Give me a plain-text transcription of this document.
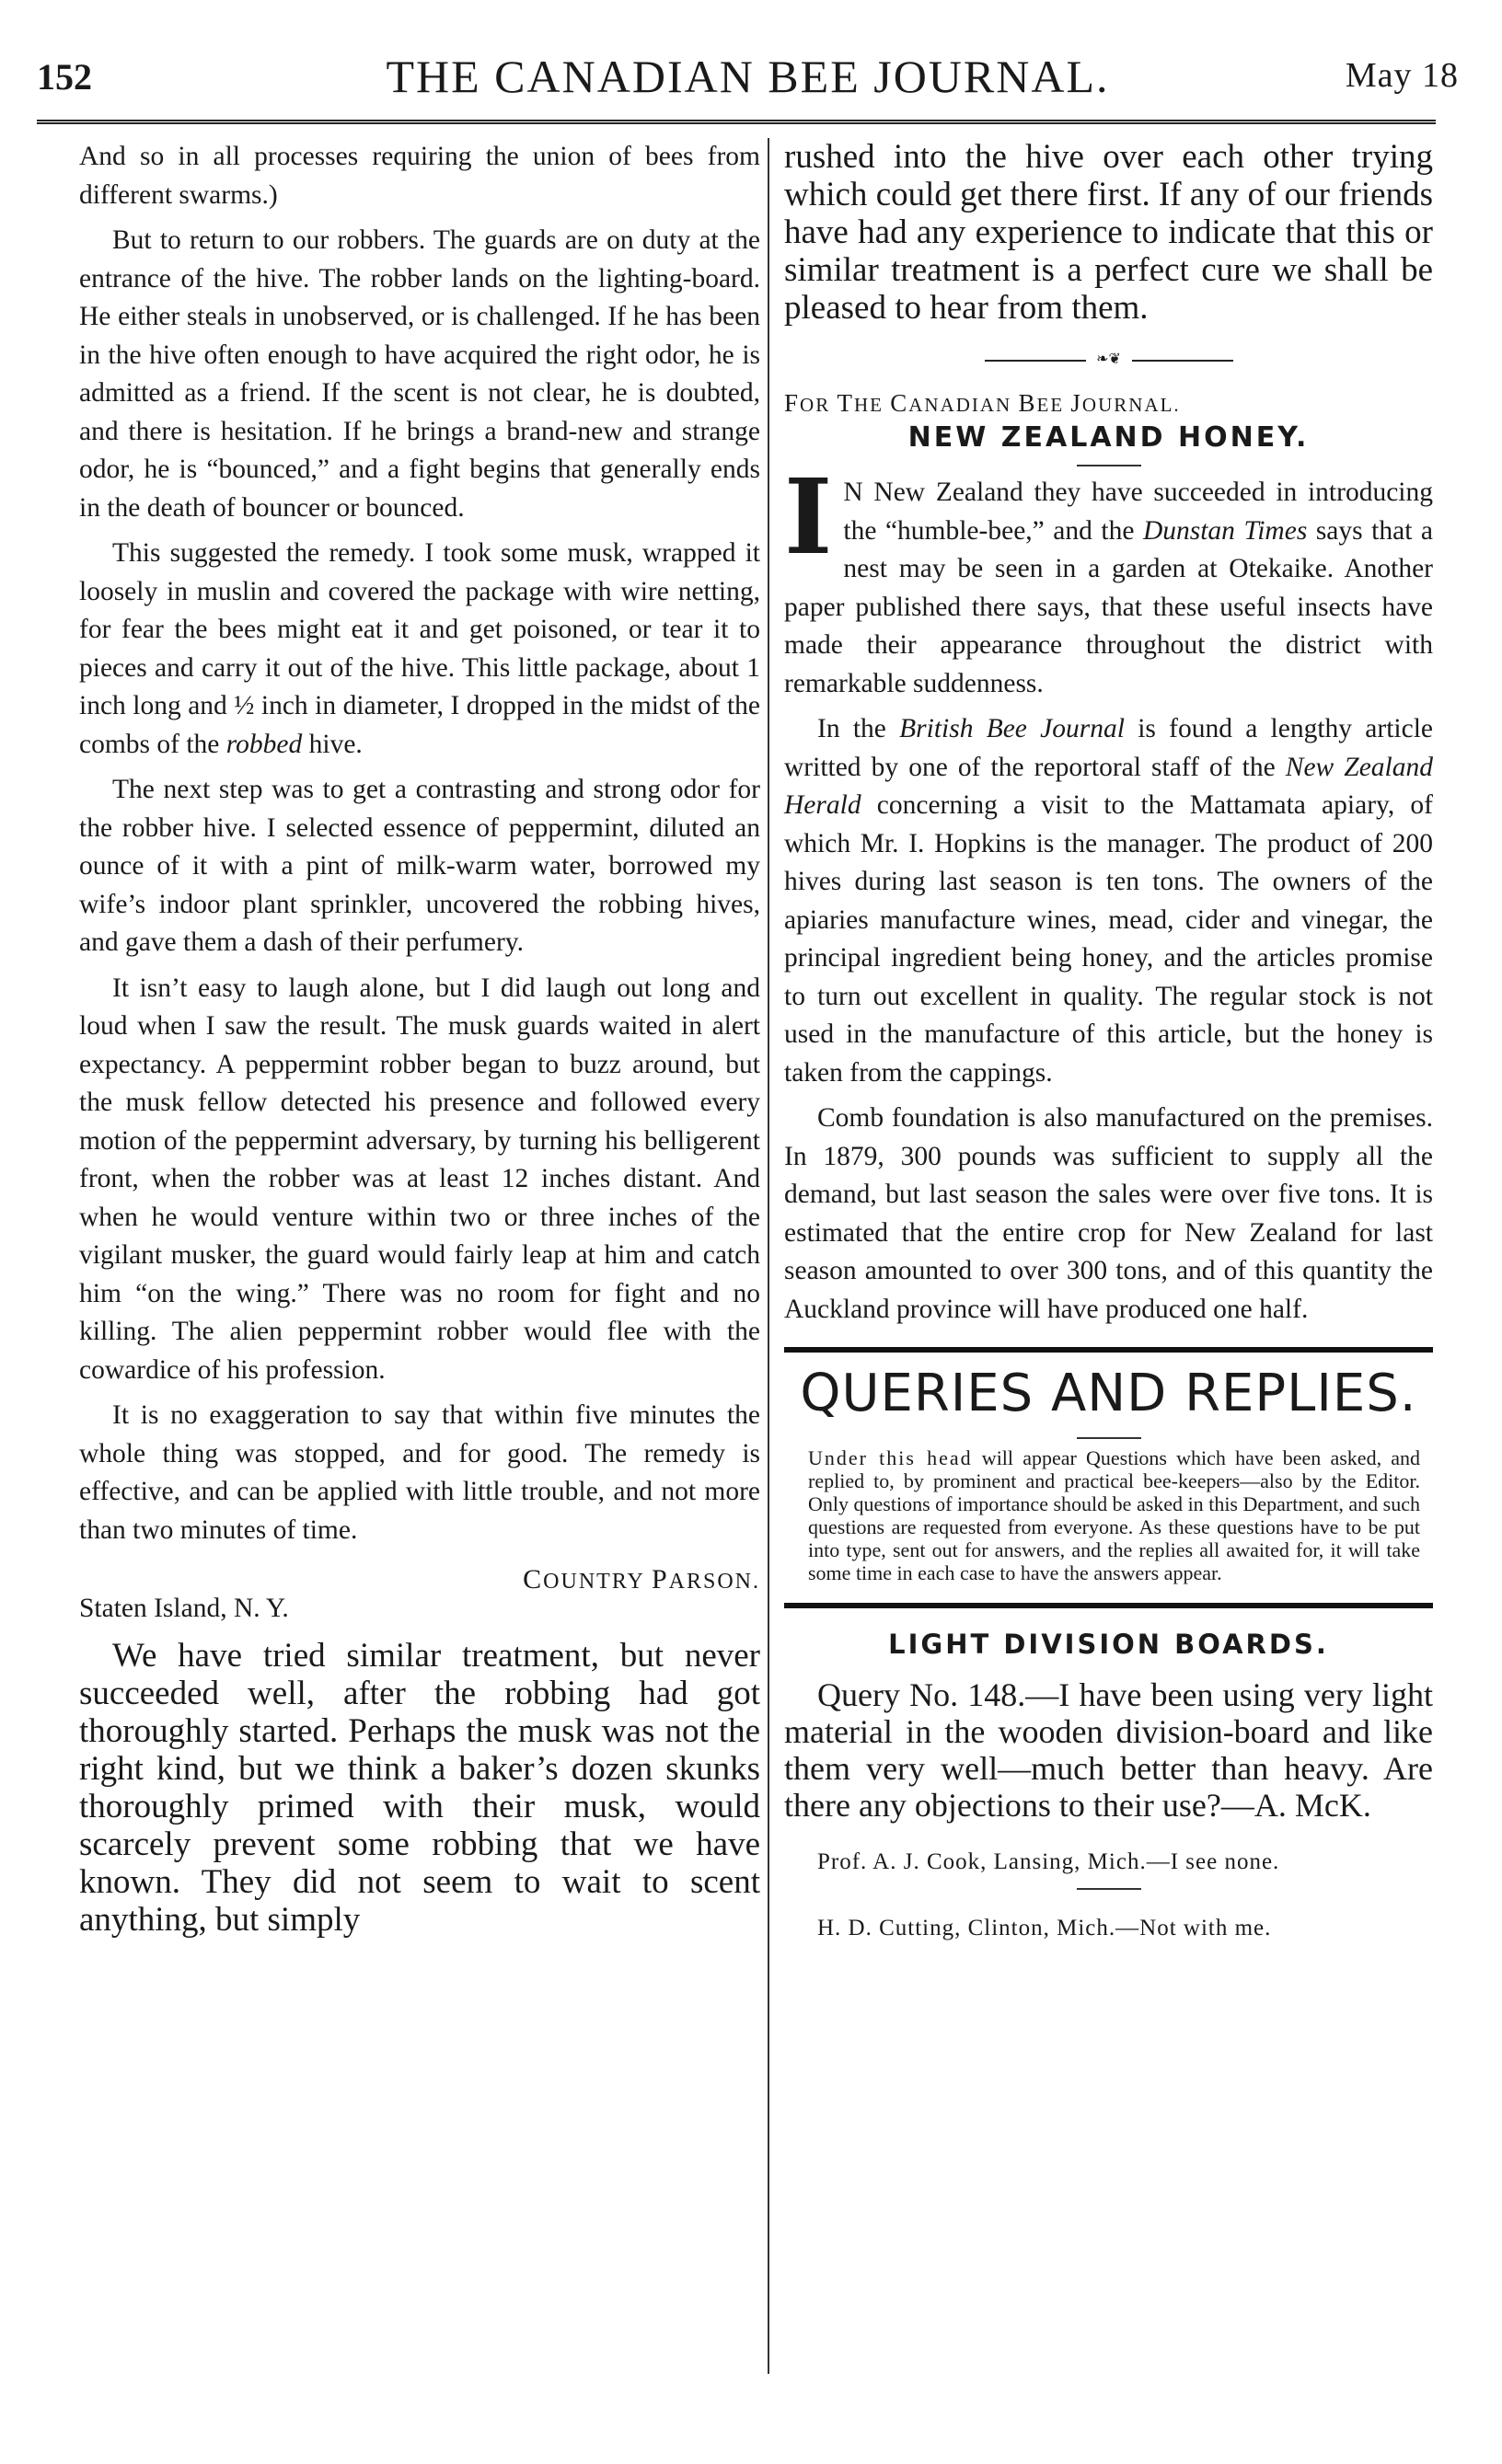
152	THE CANADIAN BEE JOURNAL.	May 18

And so in all processes requiring the union of bees from different swarms.)

But to return to our robbers. The guards are on duty at the entrance of the hive. The robber lands on the lighting-board. He either steals in unobserved, or is challenged. If he has been in the hive often enough to have acquired the right odor, he is admitted as a friend. If the scent is not clear, he is doubted, and there is hesitation. If he brings a brand-new and strange odor, he is “bounced,” and a fight begins that generally ends in the death of bouncer or bounced.

This suggested the remedy. I took some musk, wrapped it loosely in muslin and covered the package with wire netting, for fear the bees might eat it and get poisoned, or tear it to pieces and carry it out of the hive. This little package, about 1 inch long and ½ inch in diameter, I dropped in the midst of the combs of the robbed hive.

The next step was to get a contrasting and strong odor for the robber hive. I selected essence of peppermint, diluted an ounce of it with a pint of milk-warm water, borrowed my wife’s indoor plant sprinkler, uncovered the robbing hives, and gave them a dash of their perfumery.

It isn’t easy to laugh alone, but I did laugh out long and loud when I saw the result. The musk guards waited in alert expectancy. A peppermint robber began to buzz around, but the musk fellow detected his presence and followed every motion of the peppermint adversary, by turning his belligerent front, when the robber was at least 12 inches distant. And when he would venture within two or three inches of the vigilant musker, the guard would fairly leap at him and catch him “on the wing.” There was no room for fight and no killing. The alien peppermint robber would flee with the cowardice of his profession.

It is no exaggeration to say that within five minutes the whole thing was stopped, and for good. The remedy is effective, and can be applied with little trouble, and not more than two minutes of time.

COUNTRY PARSON.

Staten Island, N. Y.

We have tried similar treatment, but never succeeded well, after the robbing had got thoroughly started. Perhaps the musk was not the right kind, but we think a baker’s dozen skunks thoroughly primed with their musk, would scarcely prevent some robbing that we have known. They did not seem to wait to scent anything, but simply

rushed into the hive over each other trying which could get there first. If any of our friends have had any experience to indicate that this or similar treatment is a perfect cure we shall be pleased to hear from them.

❧❦
FOR THE CANADIAN BEE JOURNAL.
NEW ZEALAND HONEY.

I N New Zealand they have succeeded in introducing the “humble-bee,” and the Dunstan Times says that a nest may be seen in a garden at Otekaike. Another paper published there says, that these useful insects have made their appearance throughout the district with remarkable suddenness.

In the British Bee Journal is found a lengthy article writted by one of the reportoral staff of the New Zealand Herald concerning a visit to the Mattamata apiary, of which Mr. I. Hopkins is the manager. The product of 200 hives during last season is ten tons. The owners of the apiaries manufacture wines, mead, cider and vinegar, the principal ingredient being honey, and the articles promise to turn out excellent in quality. The regular stock is not used in the manufacture of this article, but the honey is taken from the cappings.

Comb foundation is also manufactured on the premises. In 1879, 300 pounds was sufficient to supply all the demand, but last season the sales were over five tons. It is estimated that the entire crop for New Zealand for last season amounted to over 300 tons, and of this quantity the Auckland province will have produced one half.

QUERIES AND REPLIES.

Under this head will appear Questions which have been asked, and replied to, by prominent and practical bee-keepers—also by the Editor. Only questions of importance should be asked in this Department, and such questions are requested from everyone. As these questions have to be put into type, sent out for answers, and the replies all awaited for, it will take some time in each case to have the answers appear.

LIGHT DIVISION BOARDS.

Query No. 148.—I have been using very light material in the wooden division-board and like them very well—much better than heavy. Are there any objections to their use?—A. McK.

Prof. A. J. Cook, Lansing, Mich.—I see none.

H. D. Cutting, Clinton, Mich.—Not with me.
